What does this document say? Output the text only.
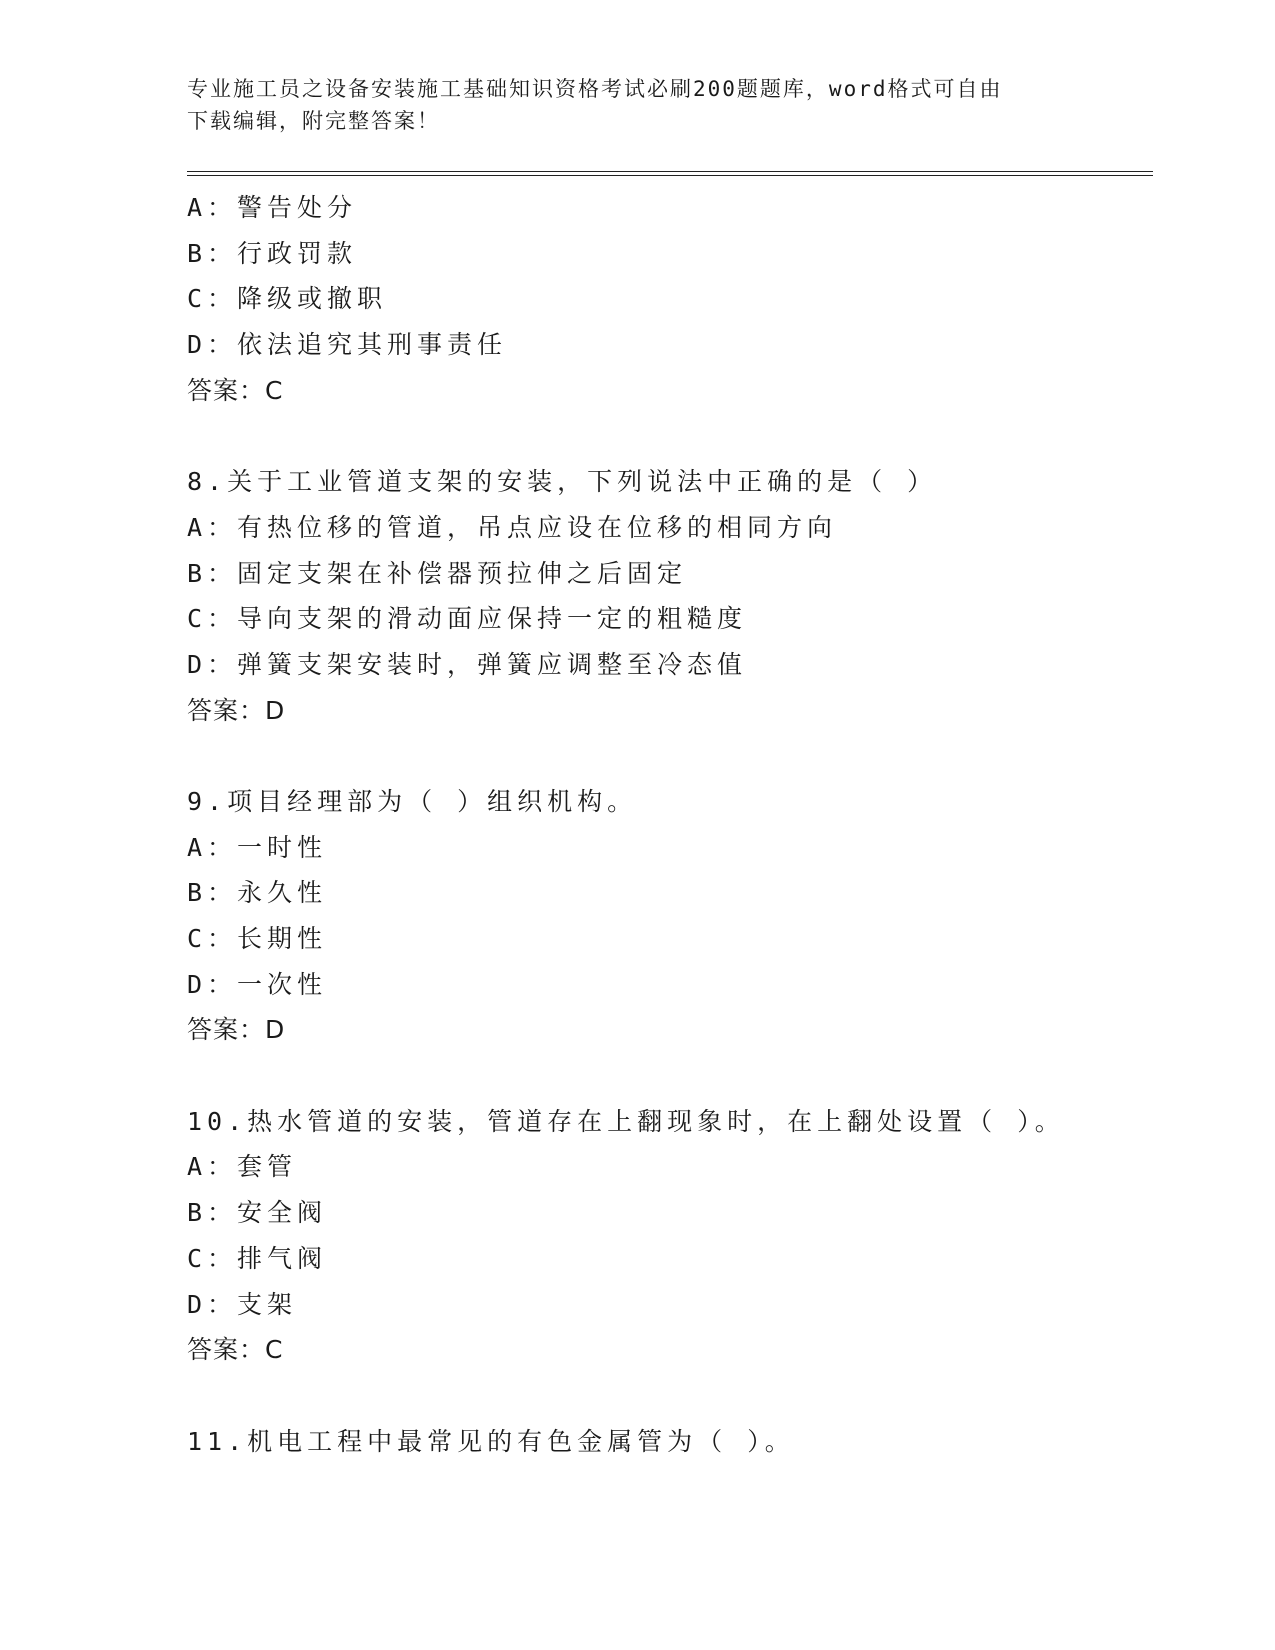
专业施工员之设备安装施工基础知识资格考试必刷200题题库，word格式可自由
下载编辑，附完整答案！
A：警告处分
B：行政罚款
C：降级或撤职
D：依法追究其刑事责任
答案：C
8.关于工业管道支架的安装，下列说法中正确的是（ ）
A：有热位移的管道，吊点应设在位移的相同方向
B：固定支架在补偿器预拉伸之后固定
C：导向支架的滑动面应保持一定的粗糙度
D：弹簧支架安装时，弹簧应调整至冷态值
答案：D
9.项目经理部为（ ）组织机构。
A：一时性
B：永久性
C：长期性
D：一次性
答案：D
10.热水管道的安装，管道存在上翻现象时，在上翻处设置（ ）。
A：套管
B：安全阀
C：排气阀
D：支架
答案：C
11.机电工程中最常见的有色金属管为（ ）。
